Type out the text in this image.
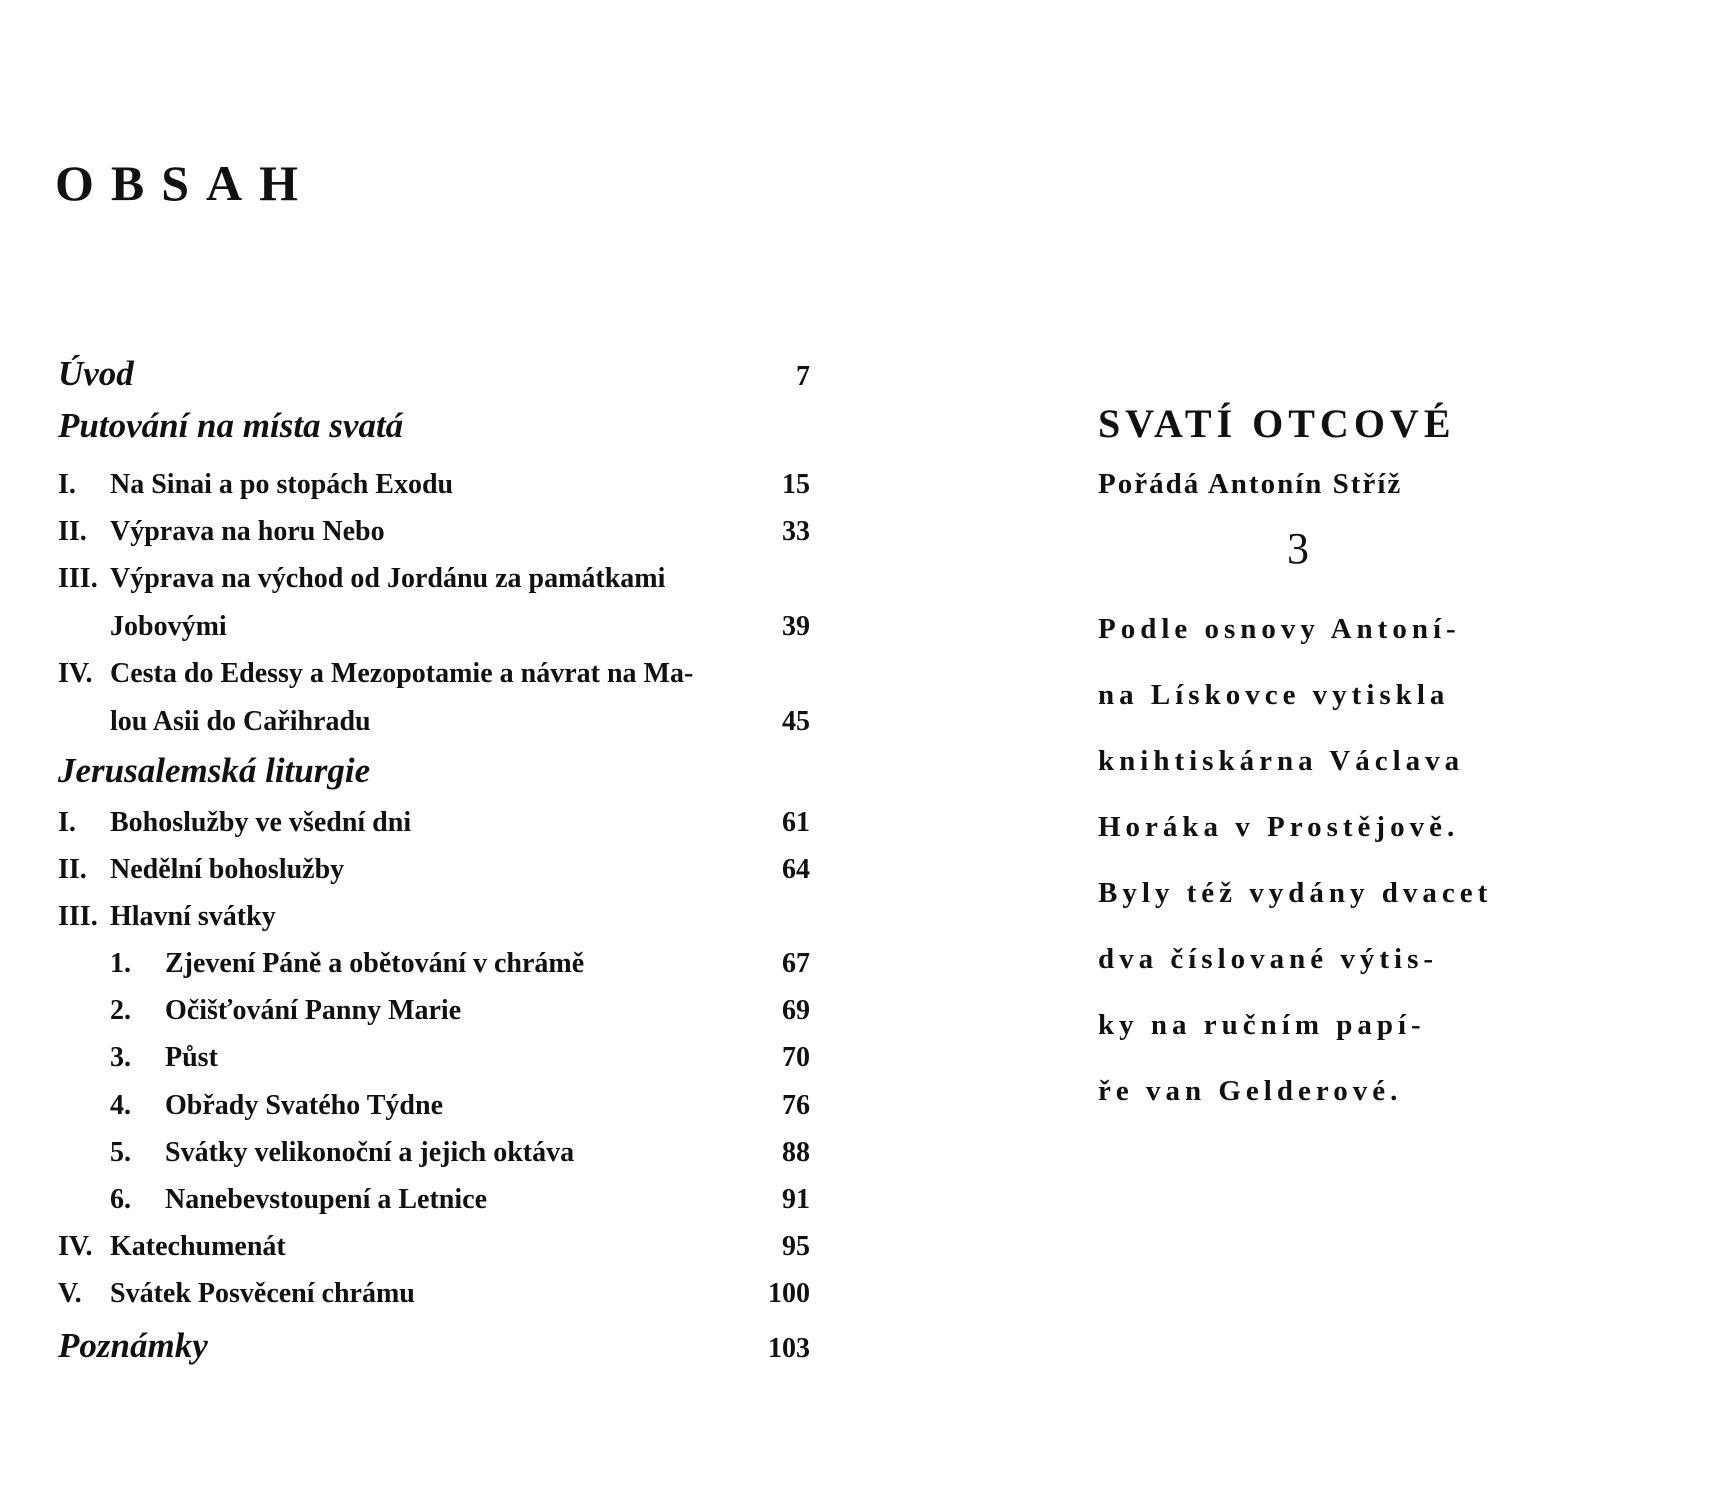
OBSAH
Úvod	7
Putování na místa svatá
I.	Na Sinai a po stopách Exodu	15
II. Výprava na horu Nebo	33
III. Výprava na východ od Jordánu za památkami
Jobovými	39
IV. Cesta do Edessy a Mezopotamie a návrat na Ma-
lou Asii do Cařihradu	45
Jerusalemská liturgie
I.	Bohoslužby ve všední dni	61
II. Nedělní bohoslužby	64
III. Hlavní svátky
1.	Zjevení Páně a obětování v chrámě	67
2.	Očišťování Panny Marie	69
3.	Půst	70
4.	Obřady Svatého Týdne	76
5.	Svátky velikonoční a jejich oktáva	88
6.	Nanebevstoupení a Letnice	91
IV. Katechumenát	95
V.	Svátek Posvěcení chrámu	100
Poznámky	103
SVATÍ OTCOVÉ
Pořádá Antonín Stříž
3
Podle osnovy Antoní-
na Lískovce vytiskla
knihtiskárna Václava
Horáka v Prostějově.
Byly též vydány dvacet
dva číslované výtis-
ky na ručním papí-
ře van Gelderové.
